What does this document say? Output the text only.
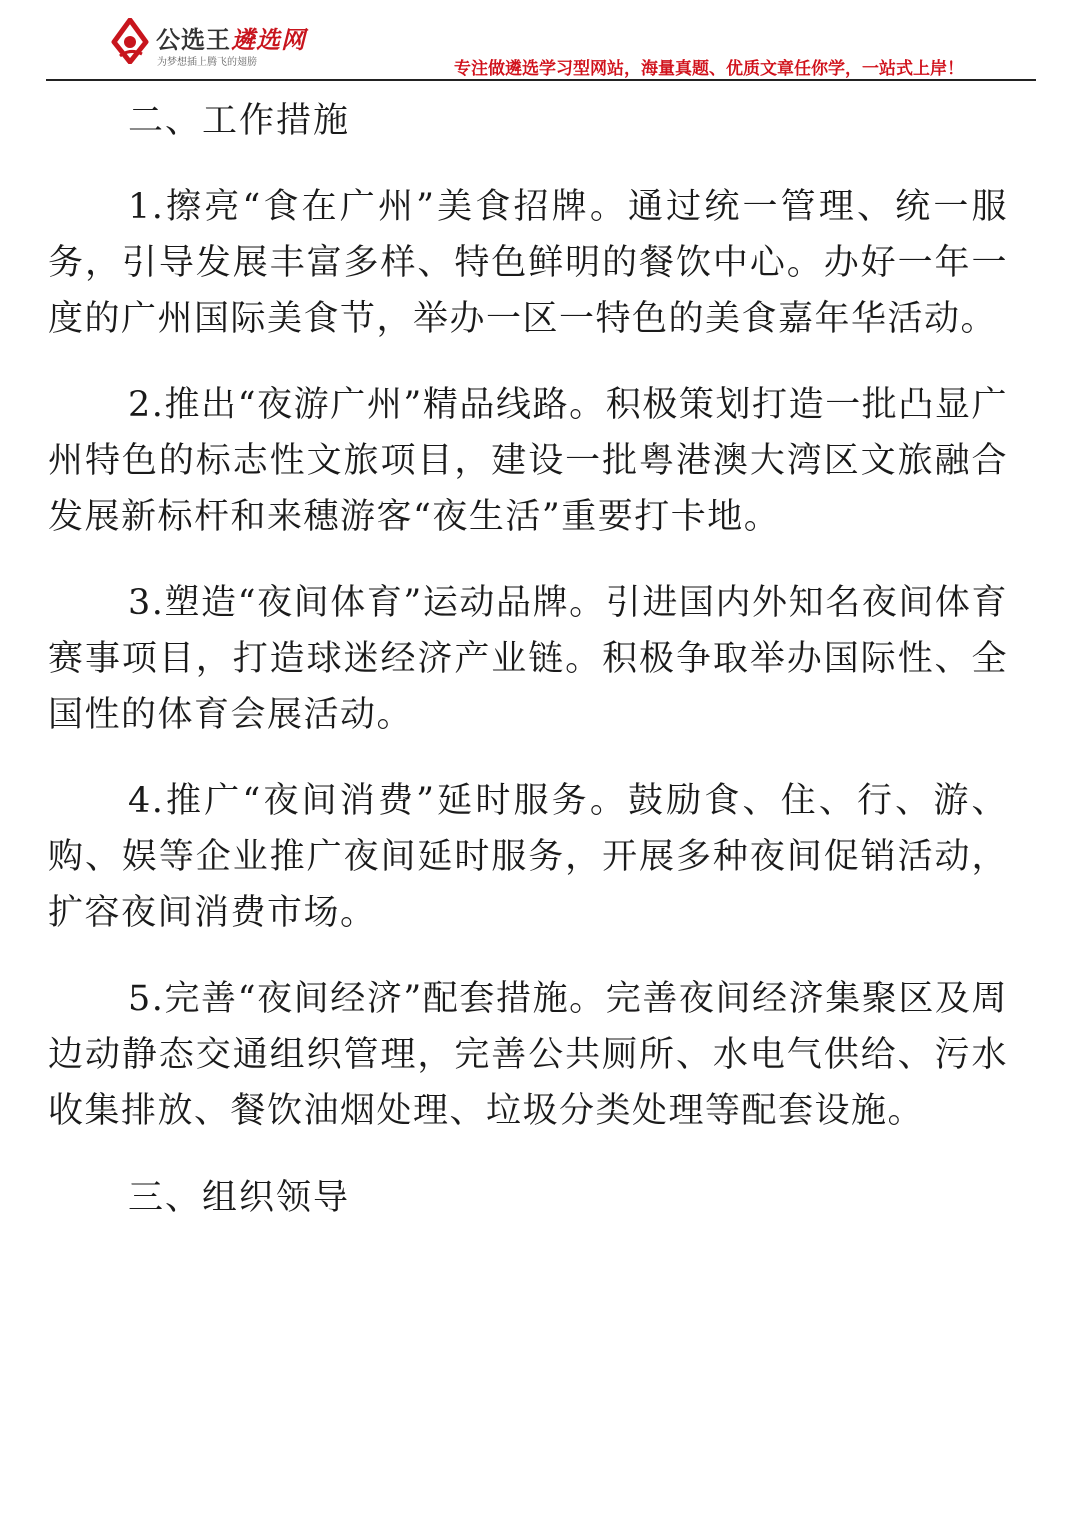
公选王遴选网
为梦想插上腾飞的翅膀	专注做遴选学习型网站，海量真题、优质文章任你学，一站式上岸！

二、工作措施

1.擦亮“食在广州”美食招牌。通过统一管理、统一服务，引导发展丰富多样、特色鲜明的餐饮中心。办好一年一度的广州国际美食节，举办一区一特色的美食嘉年华活动。

2.推出“夜游广州”精品线路。积极策划打造一批凸显广州特色的标志性文旅项目，建设一批粤港澳大湾区文旅融合发展新标杆和来穗游客“夜生活”重要打卡地。

3.塑造“夜间体育”运动品牌。引进国内外知名夜间体育赛事项目，打造球迷经济产业链。积极争取举办国际性、全国性的体育会展活动。

4.推广“夜间消费”延时服务。鼓励食、住、行、游、购、娱等企业推广夜间延时服务，开展多种夜间促销活动，扩容夜间消费市场。

5.完善“夜间经济”配套措施。完善夜间经济集聚区及周边动静态交通组织管理，完善公共厕所、水电气供给、污水收集排放、餐饮油烟处理、垃圾分类处理等配套设施。

三、组织领导
